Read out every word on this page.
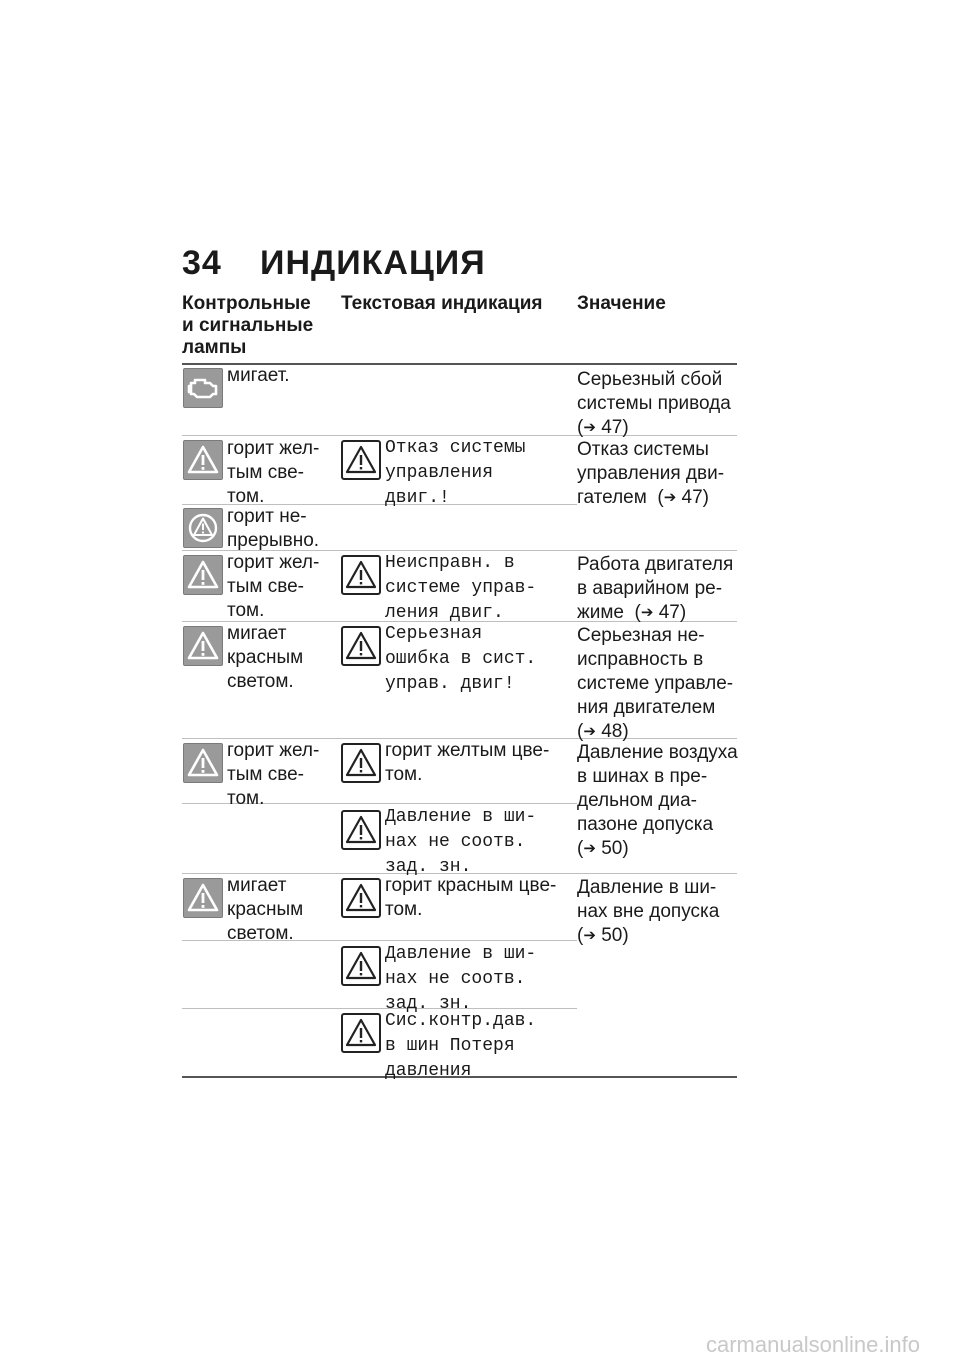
34 ИНДИКАЦИЯ
Контрольные
и сигнальные
лампы
Текстовая индикация Значение
мигает.	Серьезный сбой
системы привода
(➔ 47)
горит жел-
тым све-
том.
Отказ системы
управления
двиг.!
Отказ системы
управления дви-
гателем  (➔ 47)
горит не-
прерывно.
горит жел-
тым све-
том.
Неисправн. в
системе управ-
ления двиг.
Работа двигателя
в аварийном ре-
жиме  (➔ 47)
мигает
красным
светом.
Серьезная
ошибка в сист.
управ. двиг!
Серьезная не-
исправность в
системе управле-
ния двигателем
(➔ 48)
горит жел-
тым све-
том.
горит желтым цве-
том.
Давление воздуха
в шинах в пре-
дельном диа-
пазоне допуска
(➔ 50)
Давление в ши-
нах не соотв.
зад. зн.
мигает
красным
светом.
горит красным цве-
том.
Давление в ши-
нах вне допуска
(➔ 50)
Давление в ши-
нах не соотв.
зад. зн.
Сис.контр.дав.
в шин Потеря
давления
carmanualsonline.info
